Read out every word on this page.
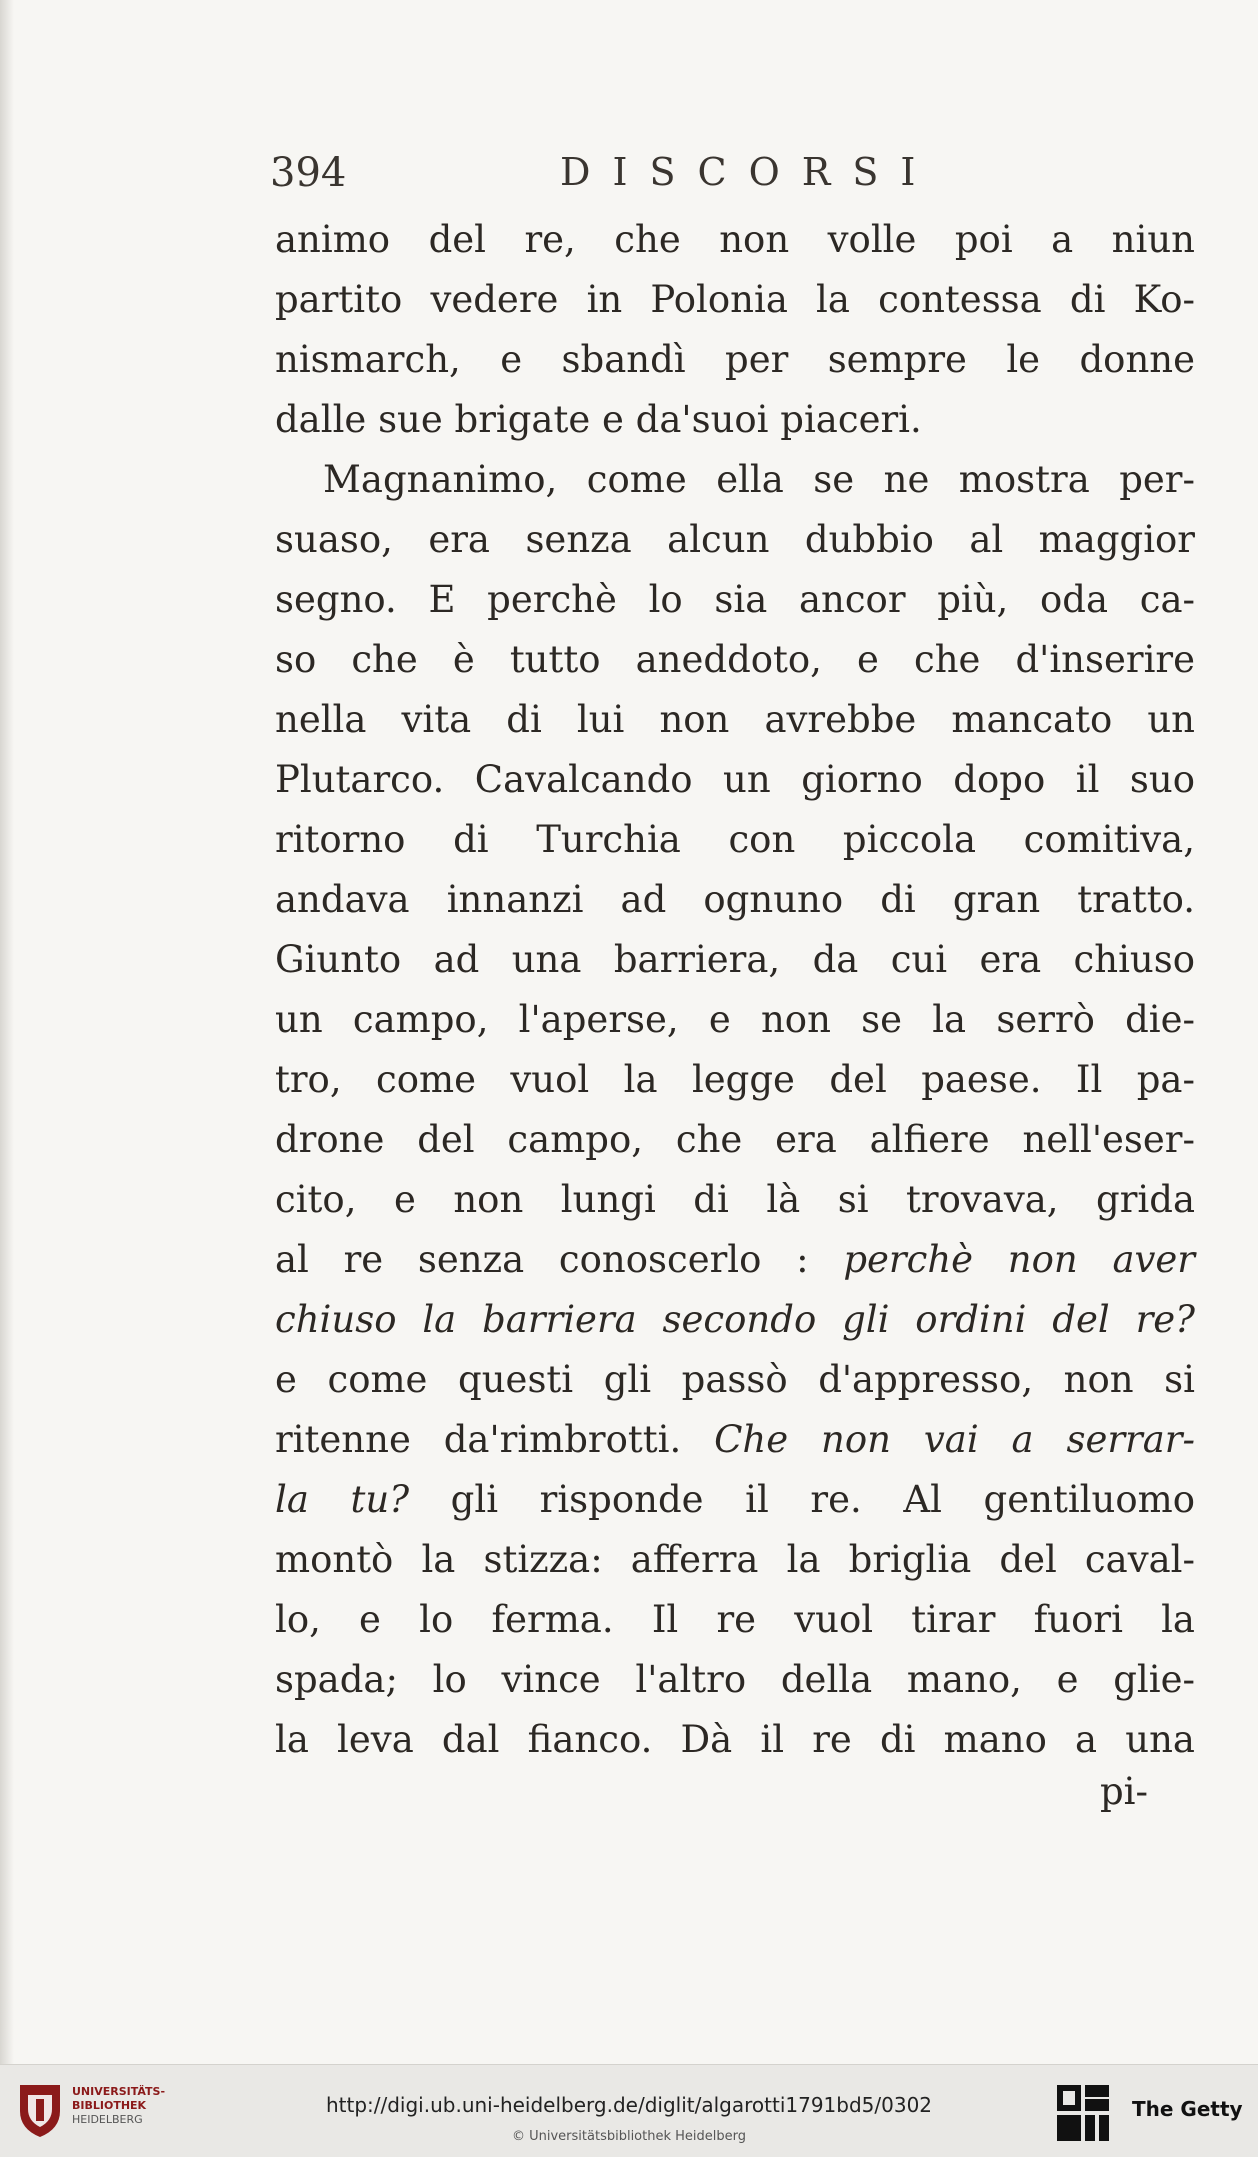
394	DISCORSI
animo del re, che non volle poi a niun
partito vedere in Polonia la contessa di Ko-
nismarch, e sbandì per sempre le donne
dalle sue brigate e da'suoi piaceri.
Magnanimo, come ella se ne mostra per-
suaso, era senza alcun dubbio al maggior
segno. E perchè lo sia ancor più, oda ca-
so che è tutto aneddoto, e che d'inserire
nella vita di lui non avrebbe mancato un
Plutarco. Cavalcando un giorno dopo il suo
ritorno di Turchia con piccola comitiva,
andava innanzi ad ognuno di gran tratto.
Giunto ad una barriera, da cui era chiuso
un campo, l'aperse, e non se la serrò die-
tro, come vuol la legge del paese. Il pa-
drone del campo, che era alfiere nell'eser-
cito, e non lungi di là si trovava, grida
al re senza conoscerlo : perchè non aver
chiuso la barriera secondo gli ordini del re?
e come questi gli passò d'appresso, non si
ritenne da'rimbrotti. Che non vai a serrar-
la tu? gli risponde il re. Al gentiluomo
montò la stizza: afferra la briglia del caval-
lo, e lo ferma. Il re vuol tirar fuori la
spada; lo vince l'altro della mano, e glie-
la leva dal fianco. Dà il re di mano a una
pi-
UNIVERSITÄTS-
BIBLIOTHEK
HEIDELBERG
http://digi.ub.uni-heidelberg.de/diglit/algarotti1791bd5/0302
© Universitätsbibliothek Heidelberg
The Getty
